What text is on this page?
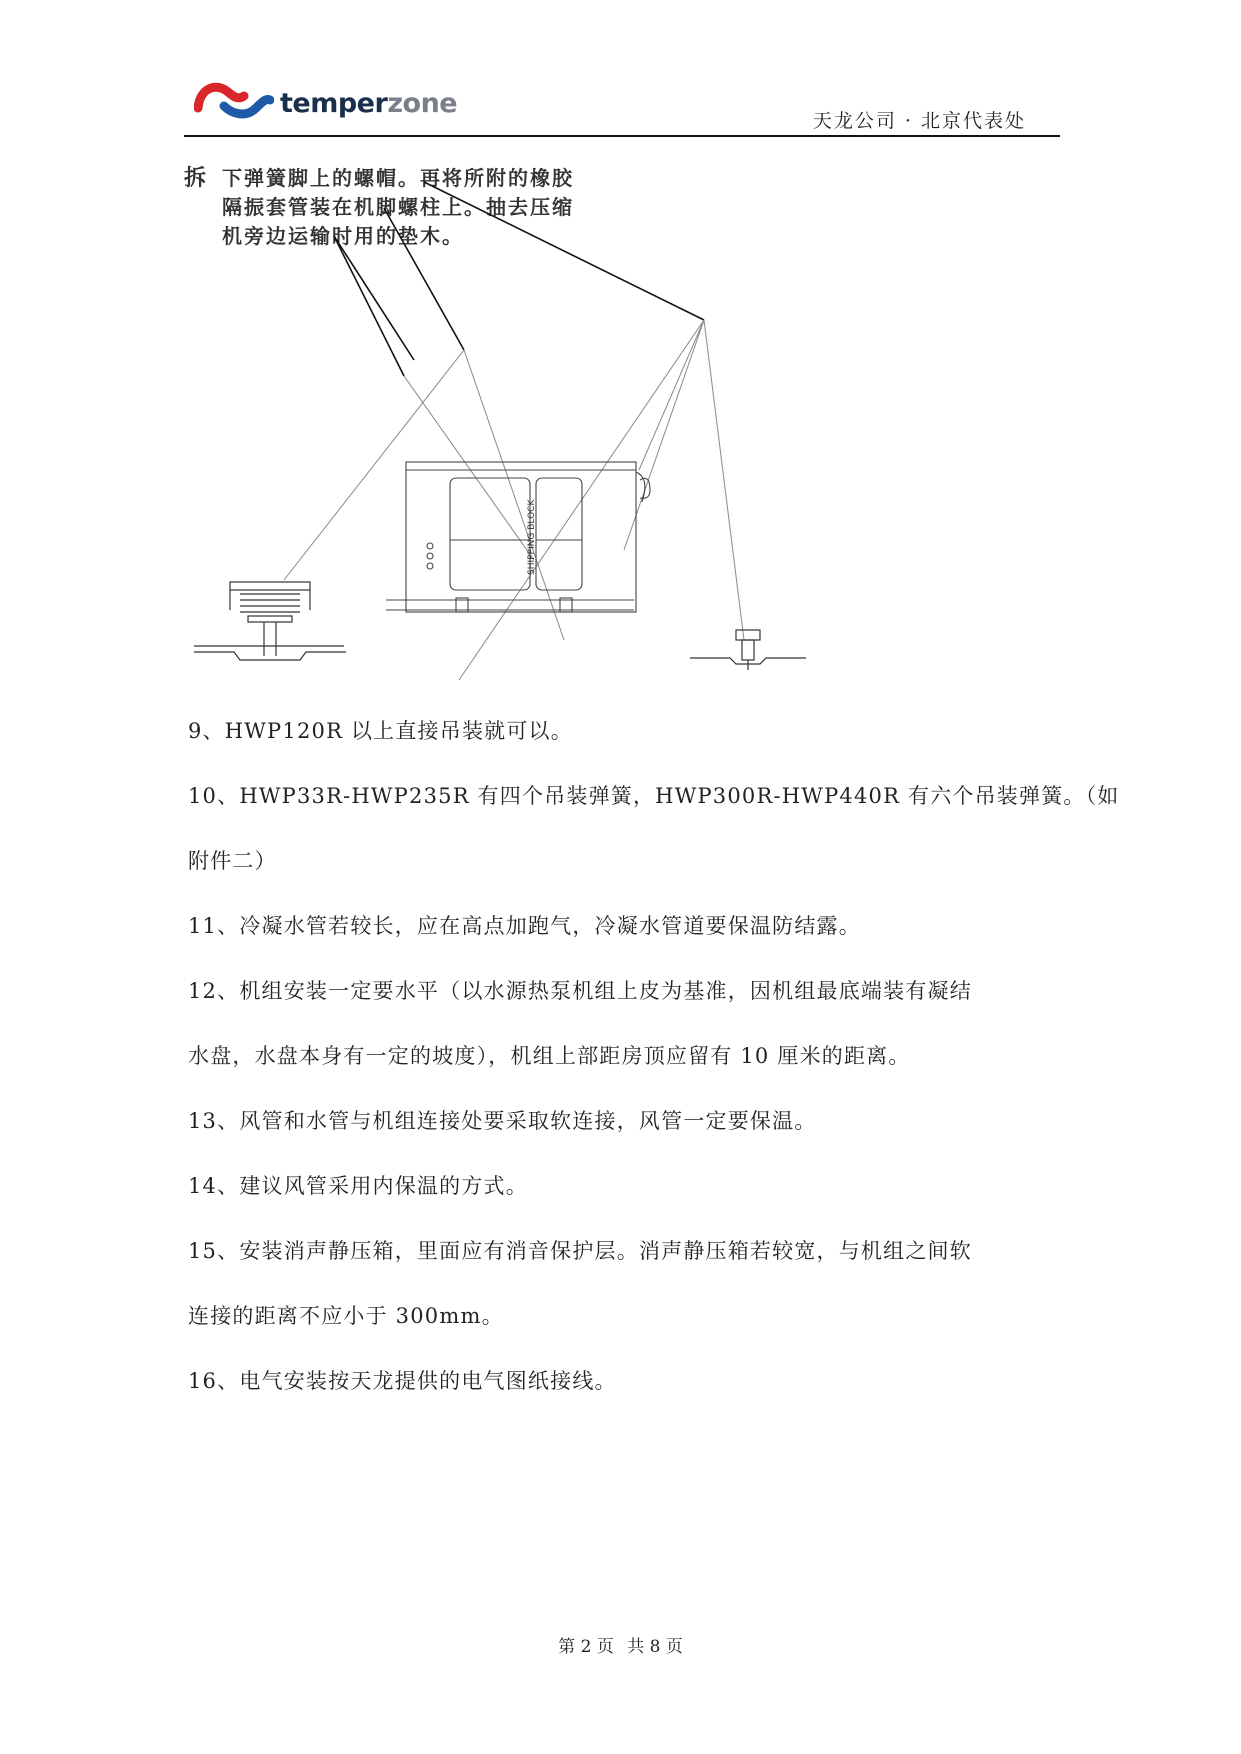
temperzone
天龙公司 · 北京代表处
拆 下弹簧脚上的螺帽。再将所附的橡胶
隔振套管装在机脚螺柱上。抽去压缩
机旁边运输时用的垫木。
SHIPPING BLOCK
9、HWP120R 以上直接吊装就可以。
10、HWP33R-HWP235R 有四个吊装弹簧，HWP300R-HWP440R 有六个吊装弹簧。（如
附件二）
11、冷凝水管若较长，应在高点加跑气，冷凝水管道要保温防结露。
12、机组安装一定要水平（以水源热泵机组上皮为基准，因机组最底端装有凝结
水盘，水盘本身有一定的坡度），机组上部距房顶应留有 10 厘米的距离。
13、风管和水管与机组连接处要采取软连接，风管一定要保温。
14、建议风管采用内保温的方式。
15、安装消声静压箱，里面应有消音保护层。消声静压箱若较宽，与机组之间软
连接的距离不应小于 300mm。
16、电气安装按天龙提供的电气图纸接线。
第 2 页 共 8 页
